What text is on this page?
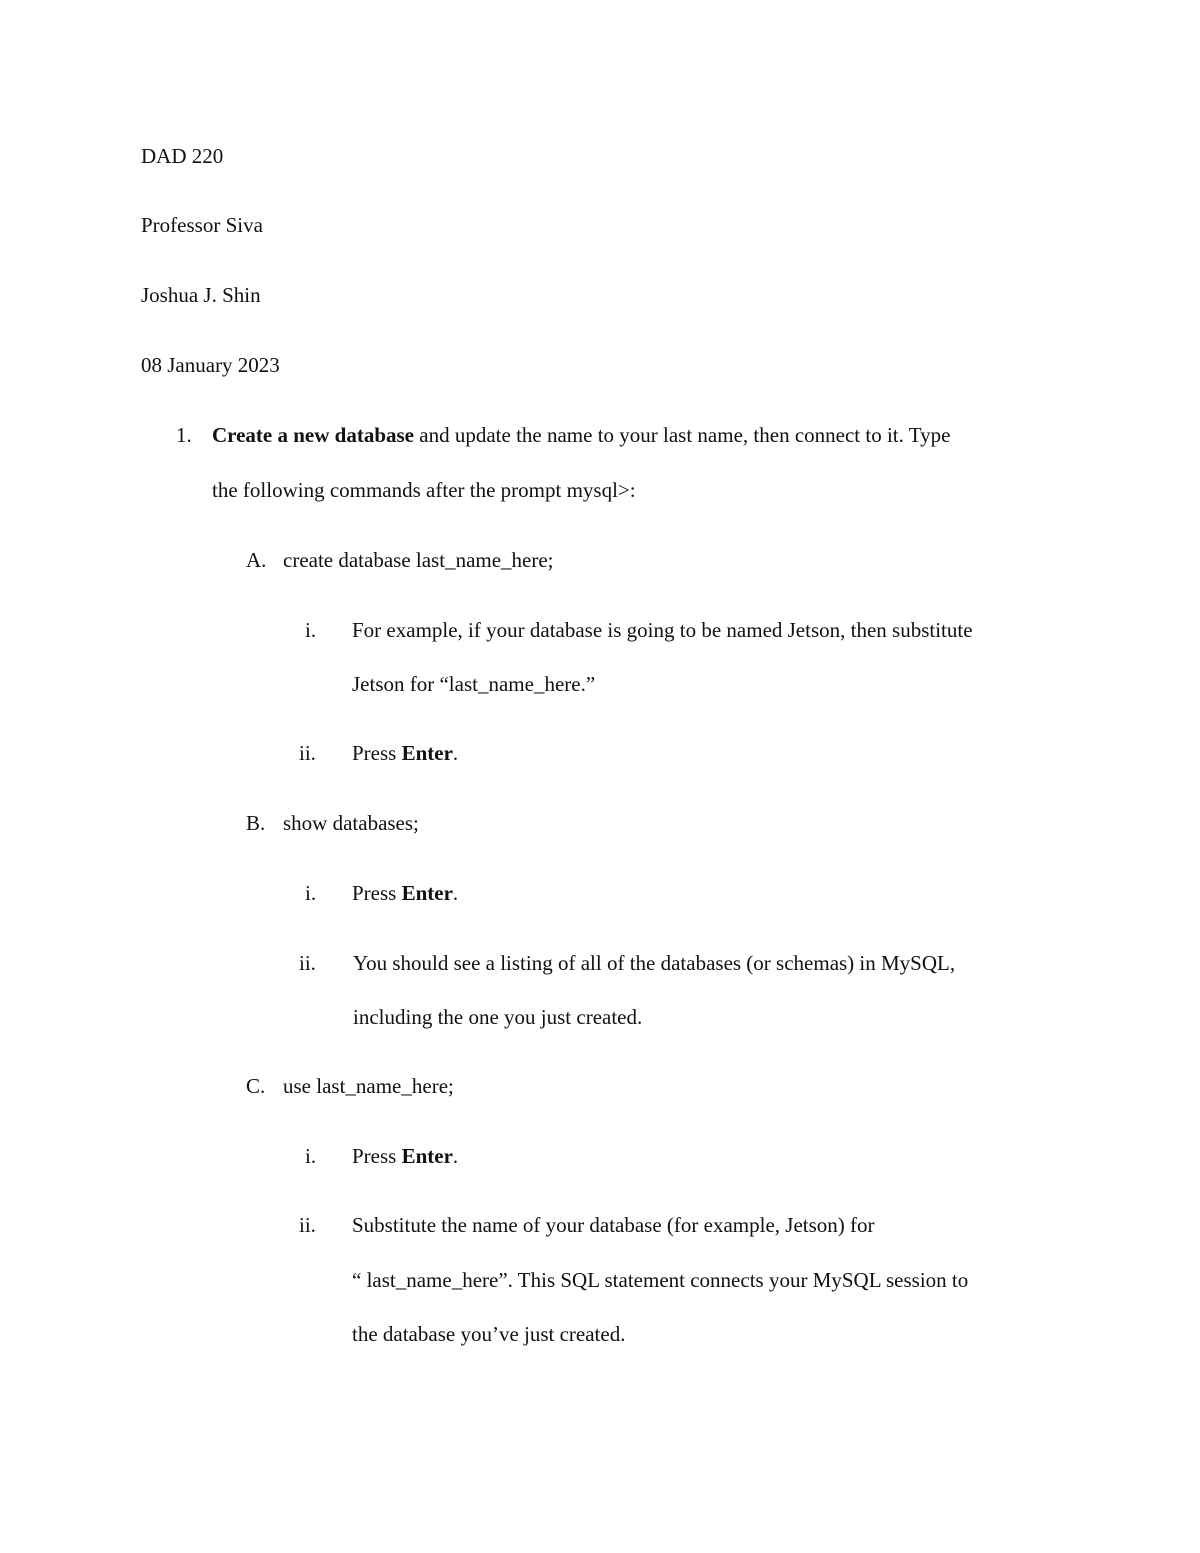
DAD 220
Professor Siva
Joshua J. Shin
08 January 2023
1. Create a new database and update the name to your last name, then connect to it. Type
the following commands after the prompt mysql>:
A. create database last_name_here;
i. For example, if your database is going to be named Jetson, then substitute
Jetson for “last_name_here.”
ii. Press Enter.
B. show databases;
i. Press Enter.
ii. You should see a listing of all of the databases (or schemas) in MySQL,
including the one you just created.
C. use last_name_here;
i. Press Enter.
ii. Substitute the name of your database (for example, Jetson) for
“ last_name_here”. This SQL statement connects your MySQL session to
the database you’ve just created.
